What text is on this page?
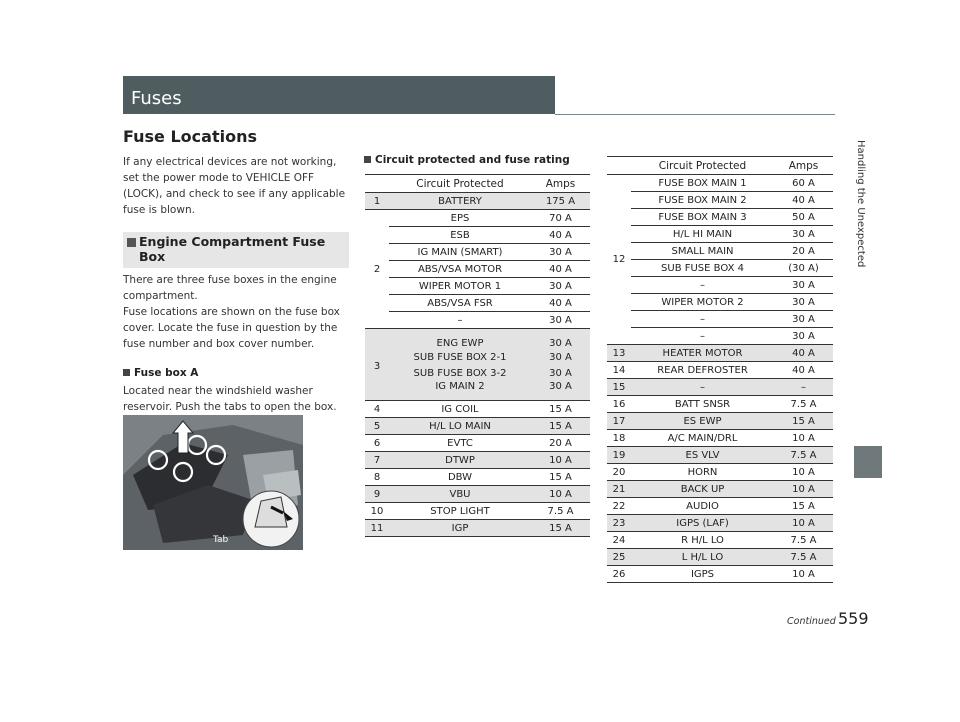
Fuses
Fuse Locations

If any electrical devices are not working, set the power mode to VEHICLE OFF (LOCK), and check to see if any applicable fuse is blown.

Engine Compartment Fuse Box

There are three fuse boxes in the engine compartment.

Fuse locations are shown on the fuse box cover. Locate the fuse in question by the fuse number and box cover number.

Fuse box A
Located near the windshield washer reservoir. Push the tabs to open the box.
Tab
Circuit protected and fuse rating
	Circuit Protected	Amps
1	BATTERY	175 A
2	EPS	70 A
	ESB	40 A
	IG MAIN (SMART)	30 A
	ABS/VSA MOTOR	40 A
	WIPER MOTOR 1	30 A
	ABS/VSA FSR	40 A
	–	30 A
3	ENG EWP	30 A
	SUB FUSE BOX 2-1	30 A
	SUB FUSE BOX 3-2	30 A
	IG MAIN 2	30 A
4	IG COIL	15 A
5	H/L LO MAIN	15 A
6	EVTC	20 A
7	DTWP	10 A
8	DBW	15 A
9	VBU	10 A
10	STOP LIGHT	7.5 A
11	IGP	15 A
	Circuit Protected	Amps
12	FUSE BOX MAIN 1	60 A
	FUSE BOX MAIN 2	40 A
	FUSE BOX MAIN 3	50 A
	H/L HI MAIN	30 A
	SMALL MAIN	20 A
	SUB FUSE BOX 4	(30 A)
	–	30 A
	WIPER MOTOR 2	30 A
	–	30 A
	–	30 A
13	HEATER MOTOR	40 A
14	REAR DEFROSTER	40 A
15	–	–
16	BATT SNSR	7.5 A
17	ES EWP	15 A
18	A/C MAIN/DRL	10 A
19	ES VLV	7.5 A
20	HORN	10 A
21	BACK UP	10 A
22	AUDIO	15 A
23	IGPS (LAF)	10 A
24	R H/L LO	7.5 A
25	L H/L LO	7.5 A
26	IGPS	10 A
Handling the Unexpected
Continued 559
